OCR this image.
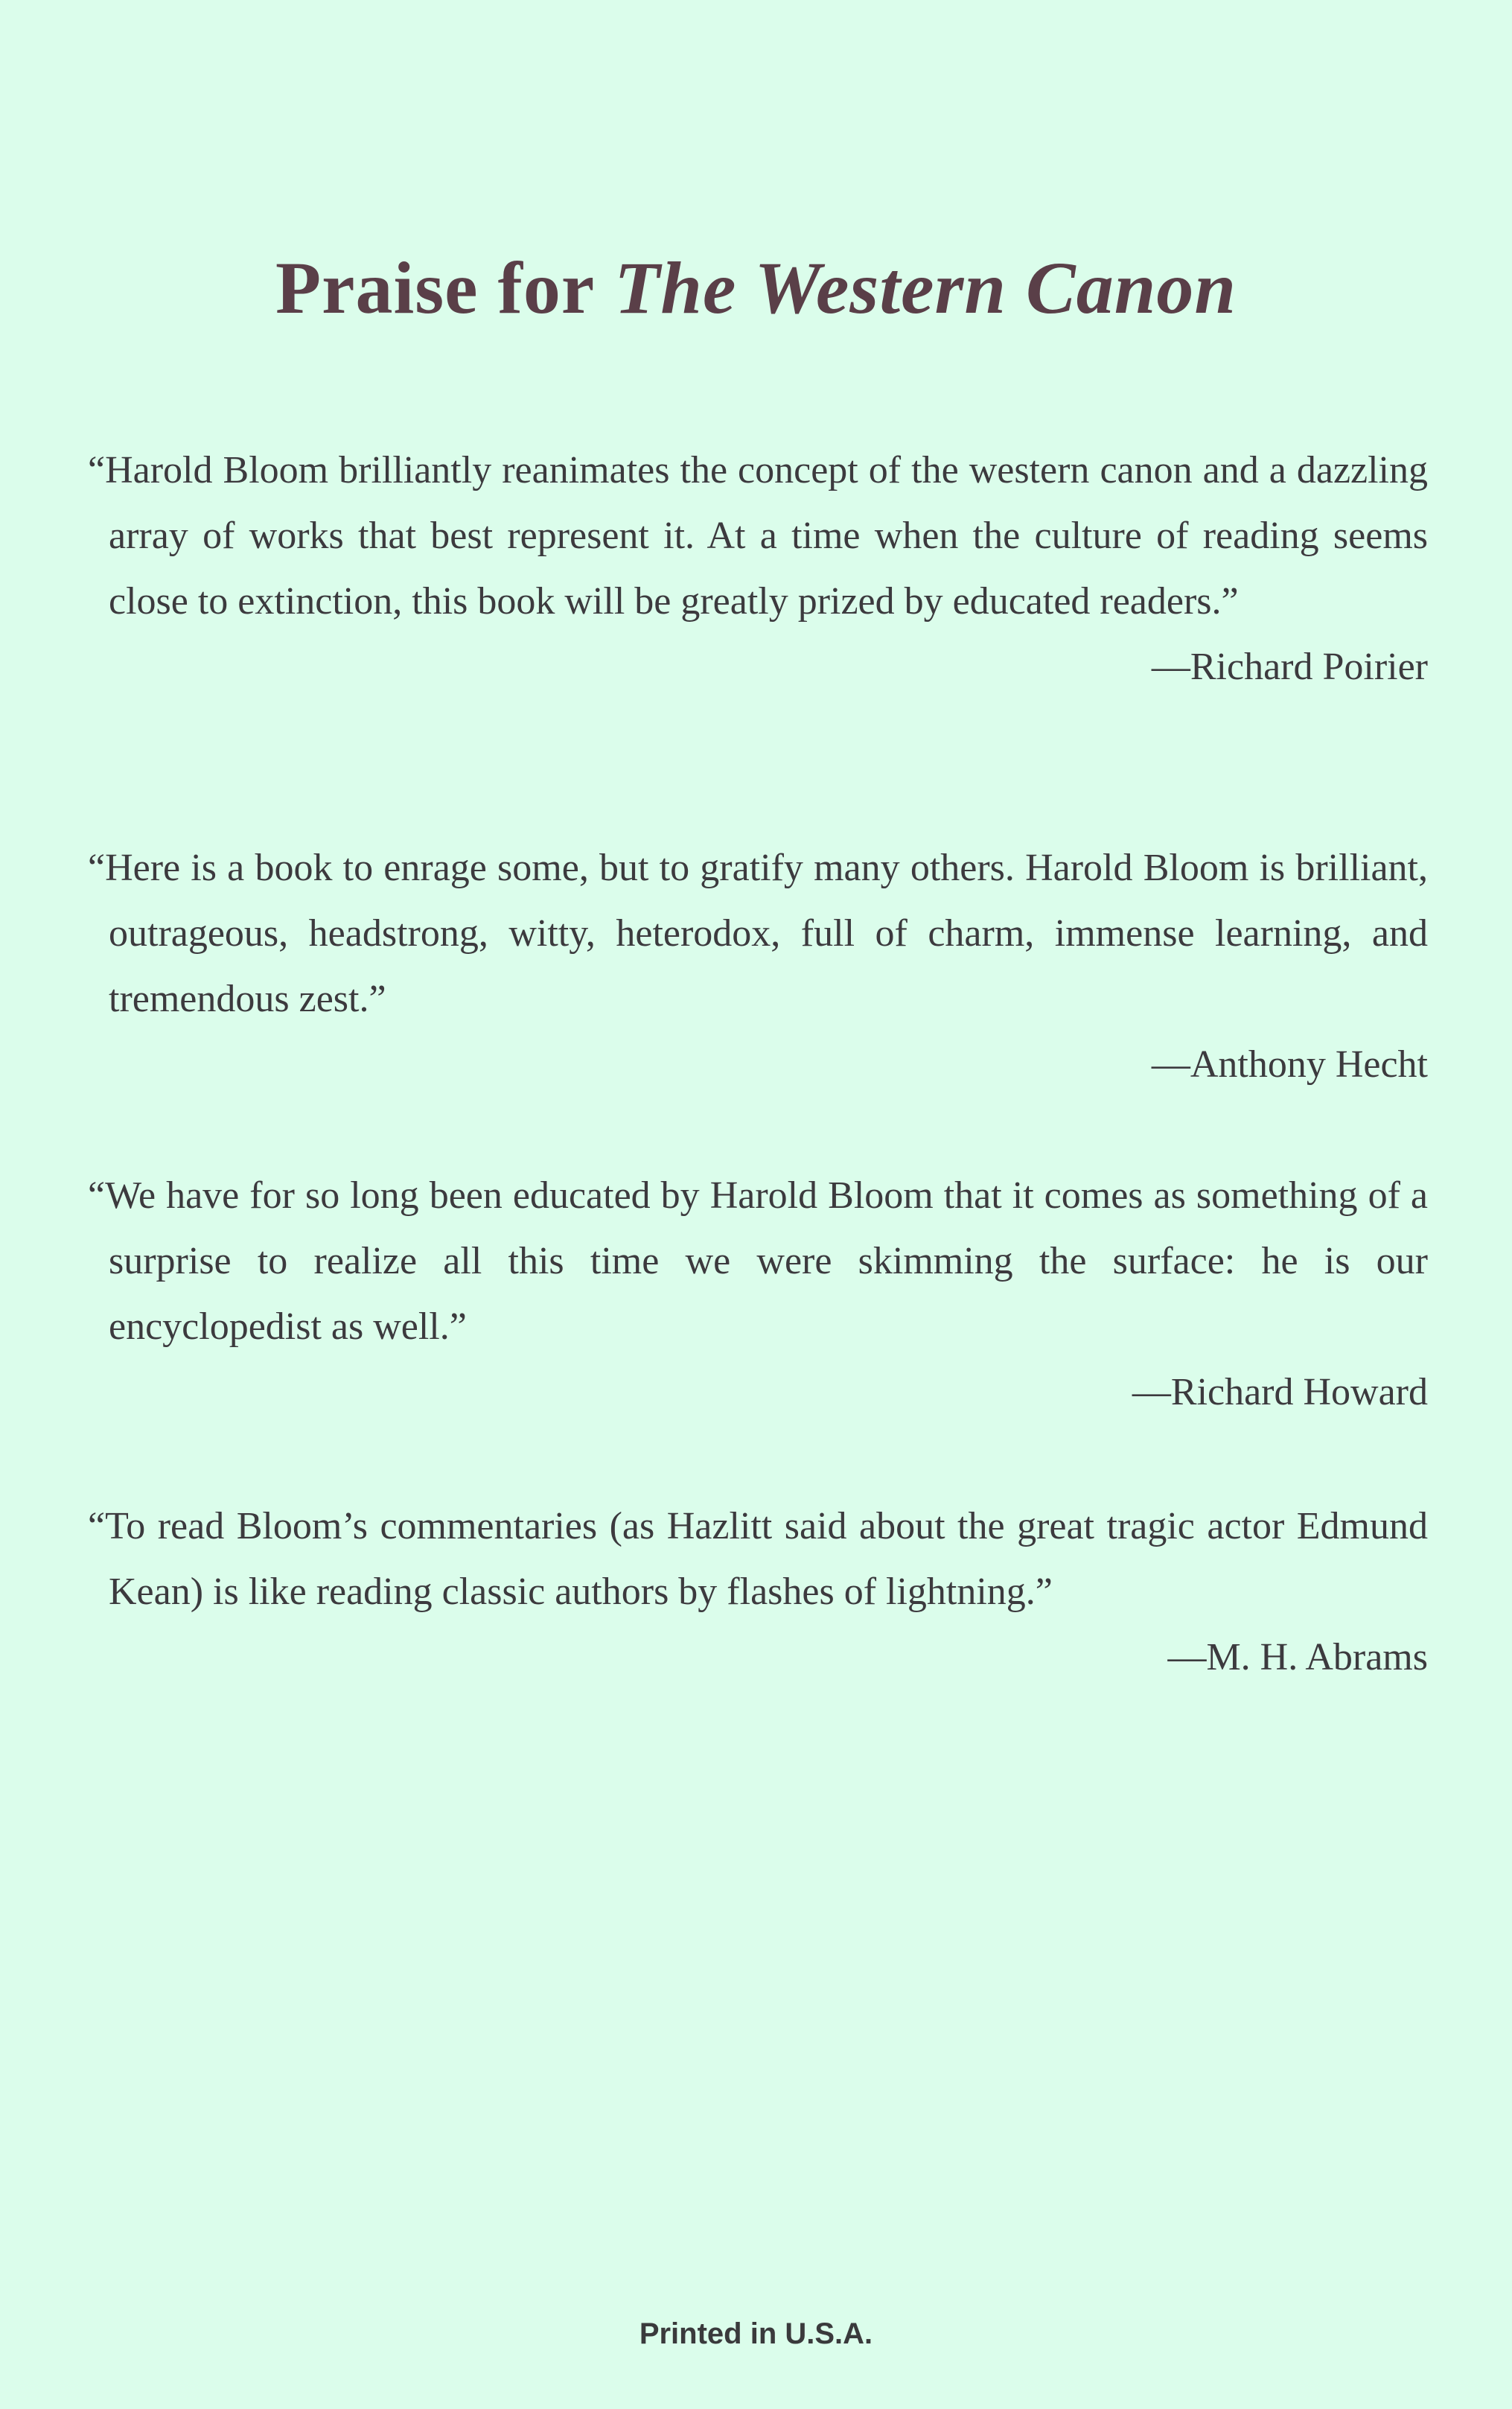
Praise for The Western Canon

“Harold Bloom brilliantly reanimates the concept of the western canon and a dazzling array of works that best represent it. At a time when the culture of reading seems close to extinction, this book will be greatly prized by educated readers.”

—Richard Poirier

“Here is a book to enrage some, but to gratify many others. Harold Bloom is brilliant, outrageous, headstrong, witty, heterodox, full of charm, immense learning, and tremendous zest.”

—Anthony Hecht

“We have for so long been educated by Harold Bloom that it comes as something of a surprise to realize all this time we were skimming the surface: he is our encyclopedist as well.”

—Richard Howard

“To read Bloom’s commentaries (as Hazlitt said about the great tragic actor Edmund Kean) is like reading classic authors by flashes of lightning.”

—M. H. Abrams

Printed in U.S.A.
